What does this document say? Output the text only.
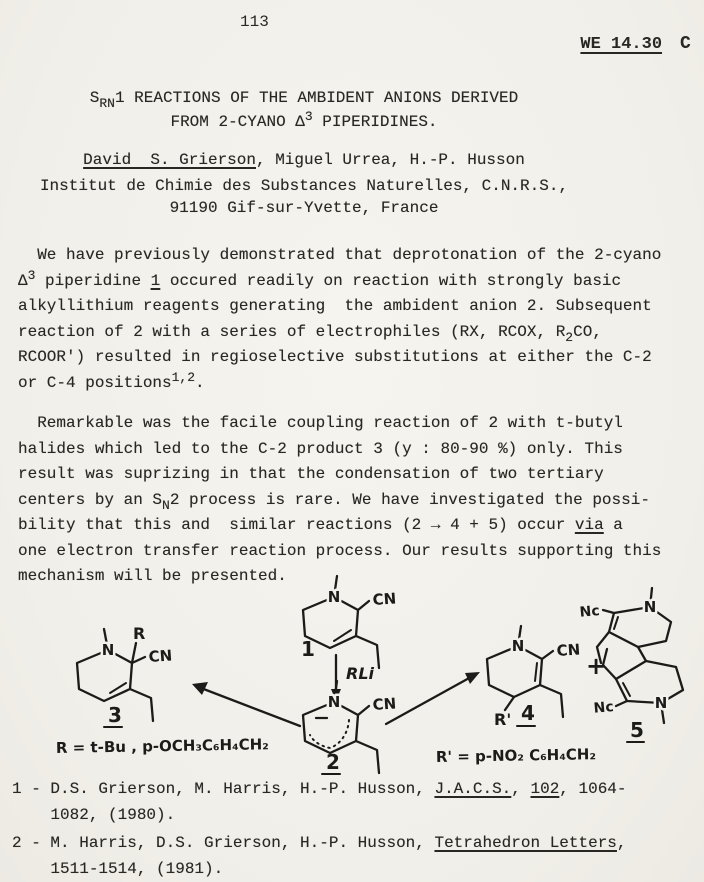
113

WE 14.30 C

$S_{RN}1$ REACTIONS OF THE AMBIDENT ANIONS DERIVED
FROM 2-CYANO $\Delta^3$ PIPERIDINES.
David  S. Grierson, Miguel Urrea, H.-P. Husson
Institut de Chimie des Substances Naturelles, C.N.R.S.,
91190 Gif-sur-Yvette, France
We have previously demonstrated that deprotonation of the 2-cyano
$\Delta^3$ piperidine 1 occured readily on reaction with strongly basic
alkyllithium reagents generating  the ambident anion 2. Subsequent
reaction of 2 with a series of electrophiles (RX, RCOX, $R_2CO$,
RCOOR') resulted in regioselective substitutions at either the C-2
or C-4 positions$^{1,2}$.
Remarkable was the facile coupling reaction of 2 with t-butyl
halides which led to the C-2 product 3 (y : 80-90 %) only. This
result was suprizing in that the condensation of two tertiary
centers by an $S_N2$ process is rare. We have investigated the possi-
bility that this and  similar reactions (2 → 4 + 5) occur via a
one electron transfer reaction process. Our results supporting this
mechanism will be presented.
N CN
1
RLi
N CN
2
N
R
CN
3
R = t-Bu , p-OCH₃C₆H₄CH₂
N CN
R' 4
R' = p-NO₂ C₆H₄CH₂
+
N
N
Nc
Nc
5
1 - D.S. Grierson, M. Harris, H.-P. Husson, J.A.C.S., 102, 1064-
1082, (1980).
2 - M. Harris, D.S. Grierson, H.-P. Husson, Tetrahedron Letters,
1511-1514, (1981).
